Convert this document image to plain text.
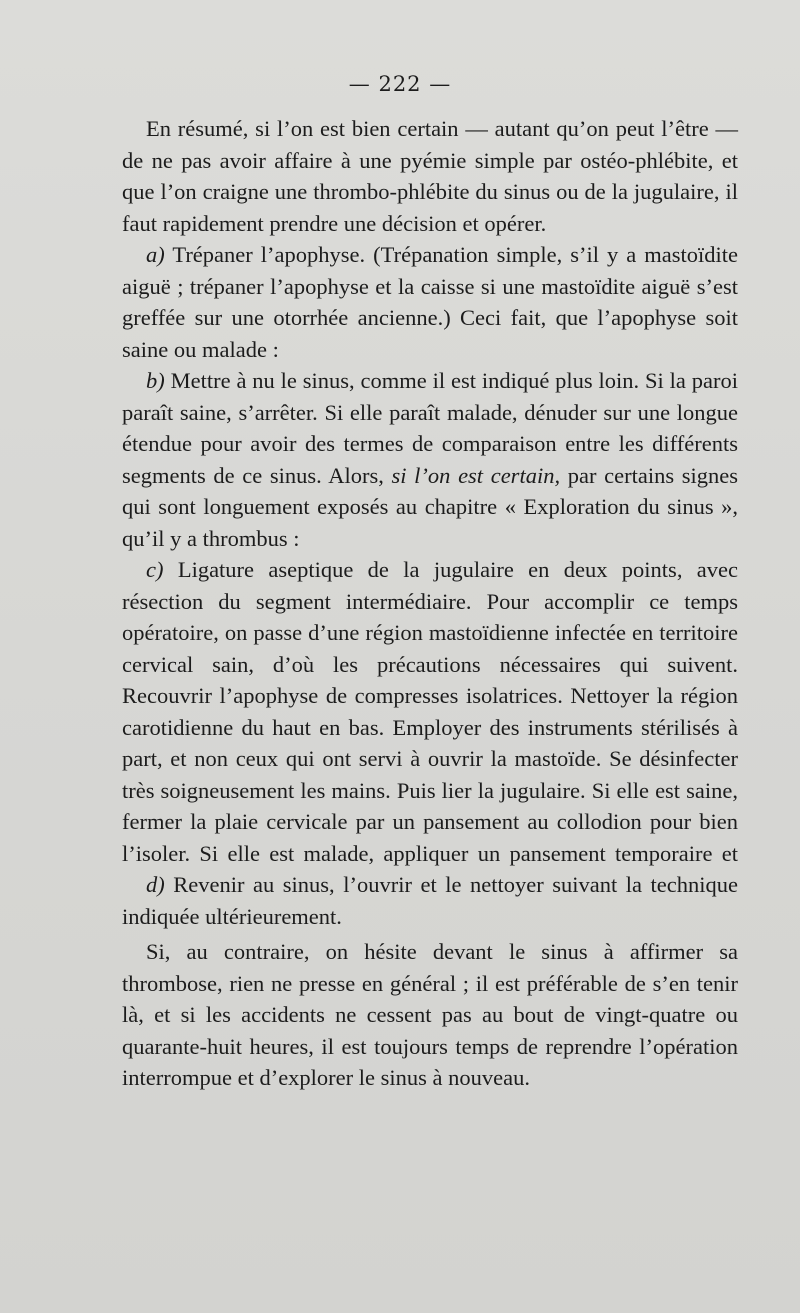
— 222 —

En résumé, si l’on est bien certain — autant qu’on peut l’être — de ne pas avoir affaire à une pyémie simple par ostéo-phlébite, et que l’on craigne une thrombo-phlébite du sinus ou de la jugulaire, il faut rapidement prendre une décision et opérer.

a) Trépaner l’apophyse. (Trépanation simple, s’il y a mastoïdite aiguë ; trépaner l’apophyse et la caisse si une mastoïdite aiguë s’est greffée sur une otorrhée ancienne.) Ceci fait, que l’apophyse soit saine ou malade :

b) Mettre à nu le sinus, comme il est indiqué plus loin. Si la paroi paraît saine, s’arrêter. Si elle paraît malade, dénuder sur une longue étendue pour avoir des termes de comparaison entre les différents segments de ce sinus. Alors, si l’on est certain, par certains signes qui sont longuement exposés au chapitre « Exploration du sinus », qu’il y a thrombus :

c) Ligature aseptique de la jugulaire en deux points, avec résection du segment intermédiaire. Pour accomplir ce temps opératoire, on passe d’une région mastoïdienne infectée en territoire cervical sain, d’où les précautions nécessaires qui suivent. Recouvrir l’apophyse de compresses isolatrices. Nettoyer la région carotidienne du haut en bas. Employer des instruments stérilisés à part, et non ceux qui ont servi à ouvrir la mastoïde. Se désinfecter très soigneusement les mains. Puis lier la jugulaire. Si elle est saine, fermer la plaie cervicale par un pansement au collodion pour bien l’isoler. Si elle est malade, appliquer un pansement temporaire et

d) Revenir au sinus, l’ouvrir et le nettoyer suivant la technique indiquée ultérieurement.

Si, au contraire, on hésite devant le sinus à affirmer sa thrombose, rien ne presse en général ; il est préférable de s’en tenir là, et si les accidents ne cessent pas au bout de vingt-quatre ou quarante-huit heures, il est toujours temps de reprendre l’opération interrompue et d’explorer le sinus à nouveau.
